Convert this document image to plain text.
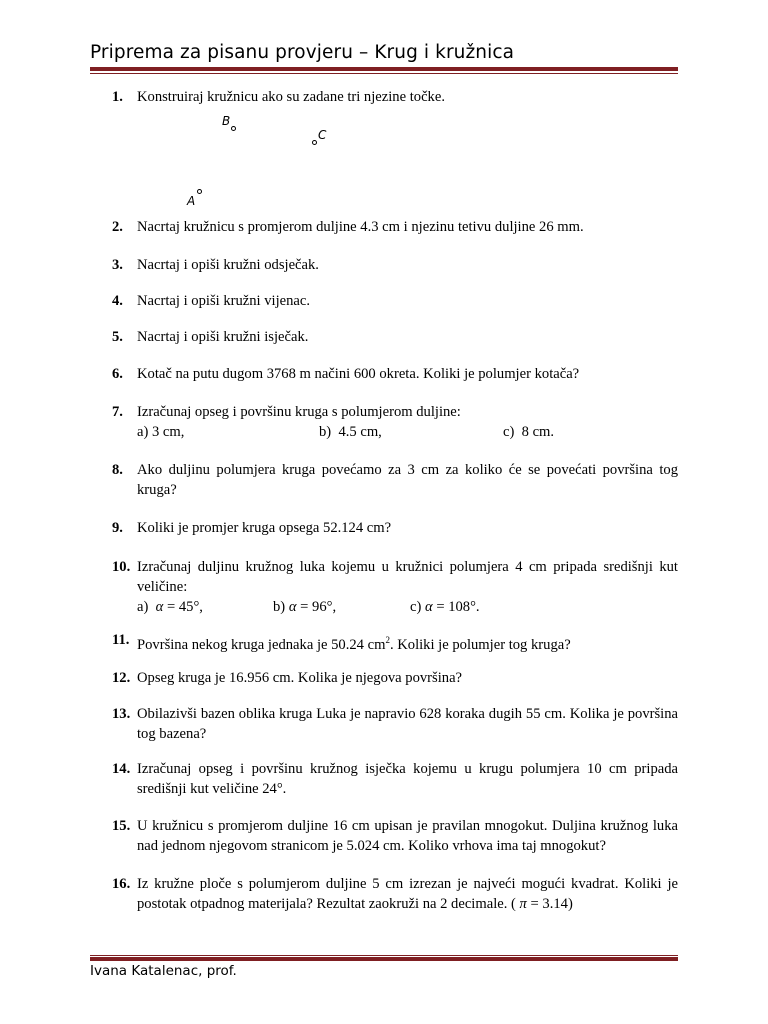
Priprema za pisanu provjeru – Krug i kružnica
1. Konstruiraj kružnicu ako su zadane tri njezine točke.
B
C
A
2. Nacrtaj kružnicu s promjerom duljine 4.3 cm i njezinu tetivu duljine 26 mm.
3. Nacrtaj i opiši kružni odsječak.
4. Nacrtaj i opiši kružni vijenac.
5. Nacrtaj i opiši kružni isječak.
6. Kotač na putu dugom 3768 m načini 600 okreta. Koliki je polumjer kotača?
7. Izračunaj opseg i površinu kruga s polumjerom duljine:
a) 3 cm,	b)  4.5 cm,	c)  8 cm.
8. Ako duljinu polumjera kruga povećamo za 3 cm za koliko će se povećati površina tog kruga?
9. Koliki je promjer kruga opsega 52.124 cm?
10. Izračunaj duljinu kružnog luka kojemu u kružnici polumjera 4 cm pripada središnji kut veličine:
a) α = 45°,	b) α = 96°,	c) α = 108°.
11. Površina nekog kruga jednaka je 50.24 $cm^2$. Koliki je polumjer tog kruga?
12. Opseg kruga je 16.956 cm. Kolika je njegova površina?
13. Obilazivši bazen oblika kruga Luka je napravio 628 koraka dugih 55 cm. Kolika je površina tog bazena?
14. Izračunaj opseg i površinu kružnog isječka kojemu u krugu polumjera 10 cm pripada središnji kut veličine 24°.
15. U kružnicu s promjerom duljine 16 cm upisan je pravilan mnogokut. Duljina kružnog luka nad jednom njegovom stranicom je 5.024 cm. Koliko vrhova ima taj mnogokut?
16. Iz kružne ploče s polumjerom duljine 5 cm izrezan je najveći mogući kvadrat. Koliki je postotak otpadnog materijala? Rezultat zaokruži na 2 decimale. ( π = 3.14)
Ivana Katalenac, prof.
